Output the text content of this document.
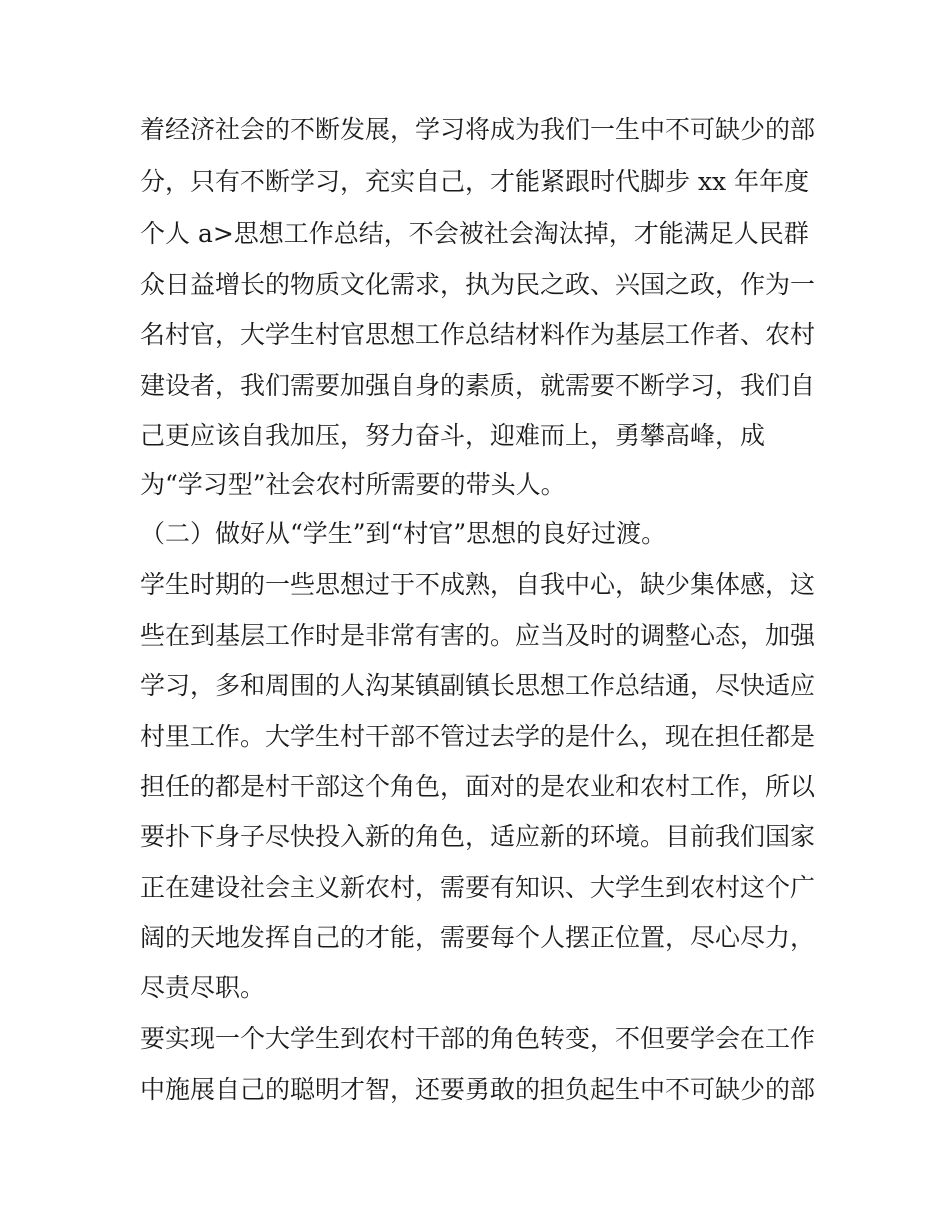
着经济社会的不断发展，学习将成为我们一生中不可缺少的部
分，只有不断学习，充实自己，才能紧跟时代脚步 xx 年年度
个人 a>思想工作总结，不会被社会淘汰掉，才能满足人民群
众日益增长的物质文化需求，执为民之政、兴国之政，作为一
名村官，大学生村官思想工作总结材料作为基层工作者、农村
建设者，我们需要加强自身的素质，就需要不断学习，我们自
己更应该自我加压，努力奋斗，迎难而上，勇攀高峰，成
为“学习型”社会农村所需要的带头人。
（二）做好从“学生”到“村官”思想的良好过渡。
学生时期的一些思想过于不成熟，自我中心，缺少集体感，这
些在到基层工作时是非常有害的。应当及时的调整心态，加强
学习，多和周围的人沟某镇副镇长思想工作总结通，尽快适应
村里工作。大学生村干部不管过去学的是什么，现在担任都是
担任的都是村干部这个角色，面对的是农业和农村工作，所以
要扑下身子尽快投入新的角色，适应新的环境。目前我们国家
正在建设社会主义新农村，需要有知识、大学生到农村这个广
阔的天地发挥自己的才能，需要每个人摆正位置，尽心尽力，
尽责尽职。
要实现一个大学生到农村干部的角色转变，不但要学会在工作
中施展自己的聪明才智，还要勇敢的担负起生中不可缺少的部
